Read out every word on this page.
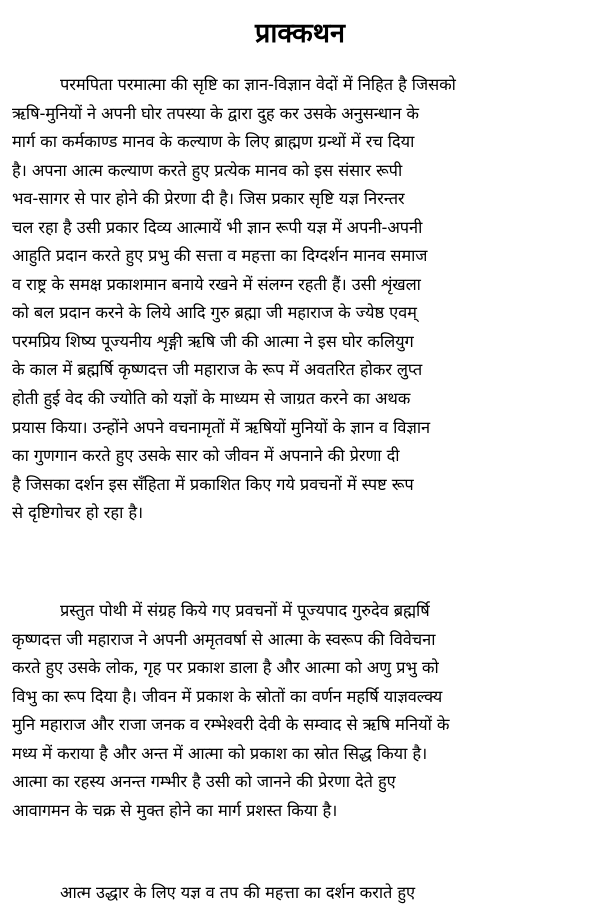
प्राक्कथन
परमपिता परमात्मा की सृष्टि का ज्ञान-विज्ञान वेदों में निहित है जिसको
ऋषि-मुनियों ने अपनी घोर तपस्या के द्वारा दुह कर उसके अनुसन्धान के
मार्ग का कर्मकाण्ड मानव के कल्याण के लिए ब्राह्मण ग्रन्थों में रच दिया
है। अपना आत्म कल्याण करते हुए प्रत्येक मानव को इस संसार रूपी
भव-सागर से पार होने की प्रेरणा दी है। जिस प्रकार सृष्टि यज्ञ निरन्तर
चल रहा है उसी प्रकार दिव्य आत्मायें भी ज्ञान रूपी यज्ञ में अपनी-अपनी
आहुति प्रदान करते हुए प्रभु की सत्ता व महत्ता का दिग्दर्शन मानव समाज
व राष्ट्र के समक्ष प्रकाशमान बनाये रखने में संलग्न रहती हैं। उसी शृंखला
को बल प्रदान करने के लिये आदि गुरु ब्रह्मा जी महाराज के ज्येष्ठ एवम्
परमप्रिय शिष्य पूज्यनीय शृङ्गी ऋषि जी की आत्मा ने इस घोर कलियुग
के काल में ब्रह्मर्षि कृष्णदत्त जी महाराज के रूप में अवतरित होकर लुप्त
होती हुई वेद की ज्योति को यज्ञों के माध्यम से जाग्रत करने का अथक
प्रयास किया। उन्होंने अपने वचनामृतों में ऋषियों मुनियों के ज्ञान व विज्ञान
का गुणगान करते हुए उसके सार को जीवन में अपनाने की प्रेरणा दी
है जिसका दर्शन इस सँहिता में प्रकाशित किए गये प्रवचनों में स्पष्ट रूप
से दृष्टिगोचर हो रहा है।
प्रस्तुत पोथी में संग्रह किये गए प्रवचनों में पूज्यपाद गुरुदेव ब्रह्मर्षि
कृष्णदत्त जी महाराज ने अपनी अमृतवर्षा से आत्मा के स्वरूप की विवेचना
करते हुए उसके लोक, गृह पर प्रकाश डाला है और आत्मा को अणु प्रभु को
विभु का रूप दिया है। जीवन में प्रकाश के स्रोतों का वर्णन महर्षि याज्ञवल्क्य
मुनि महाराज और राजा जनक व रम्भेश्वरी देवी के सम्वाद से ऋषि मनियों के
मध्य में कराया है और अन्त में आत्मा को प्रकाश का स्रोत सिद्ध किया है।
आत्मा का रहस्य अनन्त गम्भीर है उसी को जानने की प्रेरणा देते हुए
आवागमन के चक्र से मुक्त होने का मार्ग प्रशस्त किया है।
आत्म उद्धार के लिए यज्ञ व तप की महत्ता का दर्शन कराते हुए
